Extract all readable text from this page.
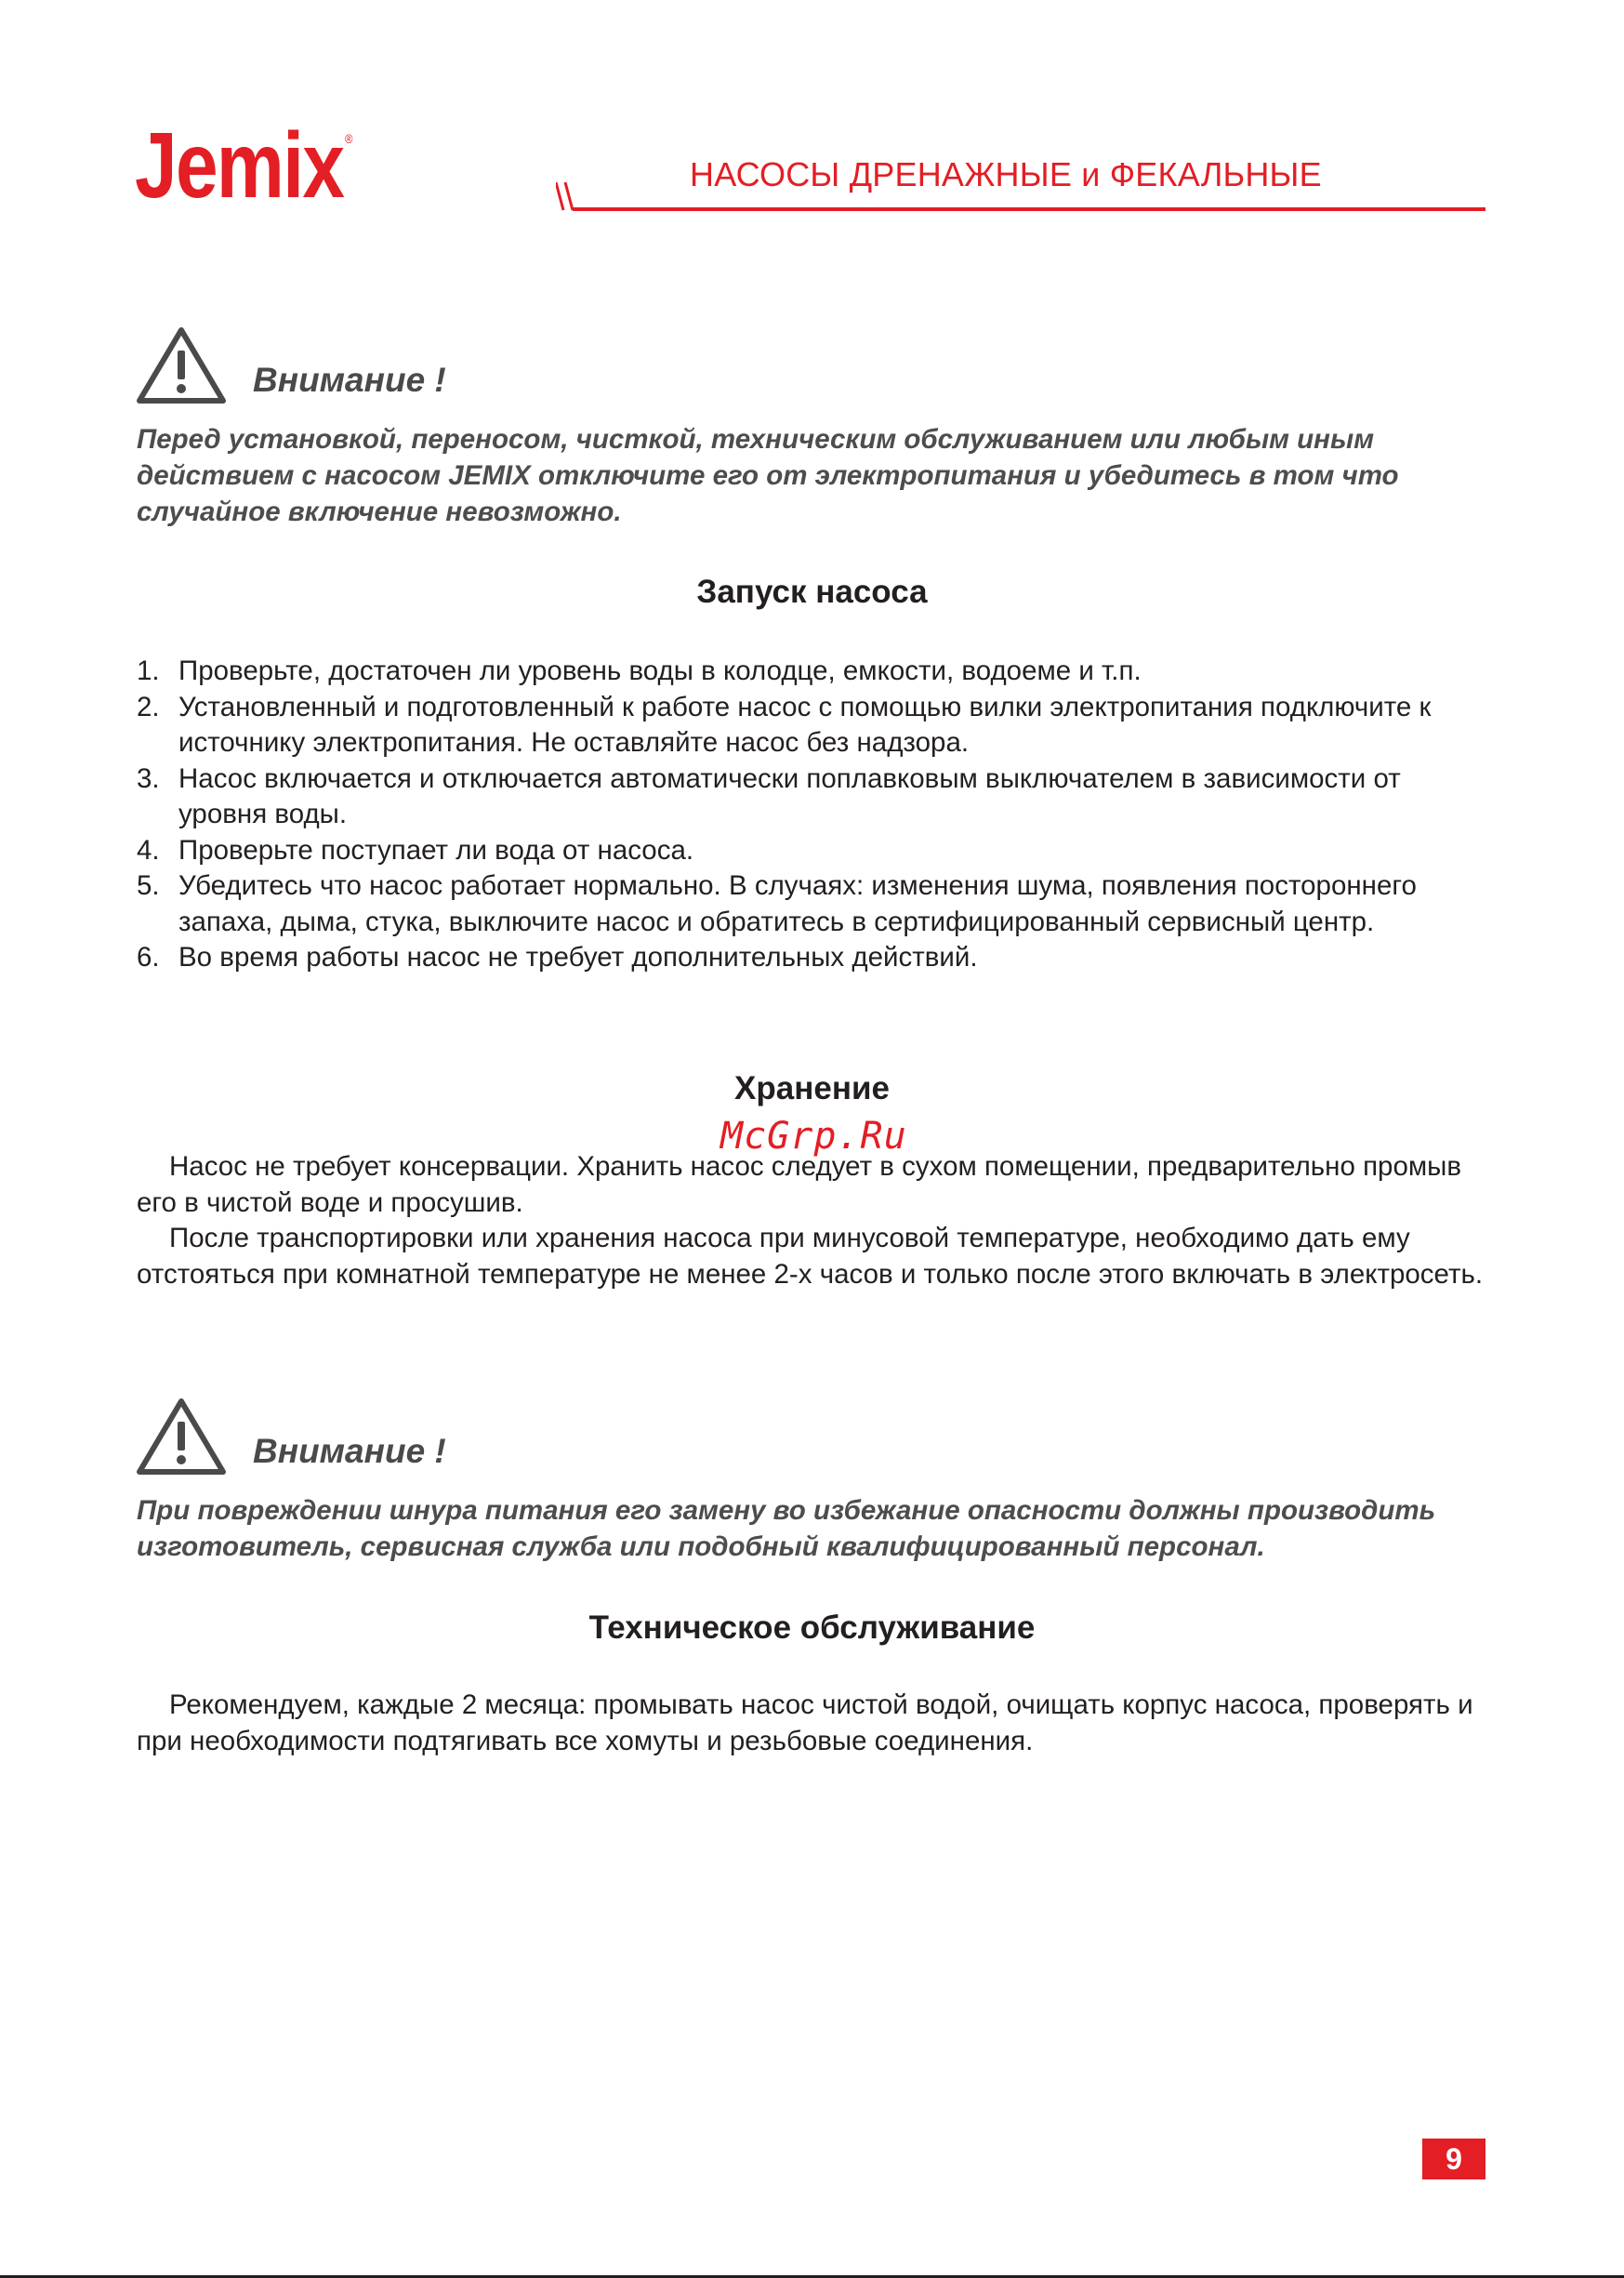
Jemix ®
НАСОСЫ ДРЕНАЖНЫЕ и ФЕКАЛЬНЫЕ
Внимание !
Перед установкой, переносом, чисткой, техническим обслуживанием или любым иным действием с насосом JEMIX отключите его от электропитания и убедитесь в том что случайное включение невозможно.
Запуск насоса
1. Проверьте, достаточен ли уровень воды в колодце, емкости, водоеме и т.п.
2. Установленный и подготовленный к работе насос с помощью вилки электропитания подключите к источнику электропитания. Не оставляйте насос без надзора.
3. Насос включается и отключается автоматически поплавковым выключателем в зависимости от уровня воды.
4. Проверьте поступает ли вода от насоса.
5. Убедитесь что насос работает нормально. В случаях: изменения шума, появления постороннего запаха, дыма, стука, выключите насос и обратитесь в сертифицированный сервисный центр.
6. Во время работы насос не требует дополнительных действий.
Хранение
McGrp.Ru

Насос не требует консервации. Хранить насос следует в сухом помещении, предварительно промыв его в чистой воде и просушив.

После транспортировки или хранения насоса при минусовой температуре, необходимо дать ему отстояться при комнатной температуре не менее 2-х часов и только после этого включать в электросеть.

Внимание !
При повреждении шнура питания его замену во избежание опасности должны производить изготовитель, сервисная служба или подобный квалифицированный персонал.
Техническое обслуживание

Рекомендуем, каждые 2 месяца: промывать насос чистой водой, очищать корпус насоса, проверять и при необходимости подтягивать все хомуты и резьбовые соединения.

9
